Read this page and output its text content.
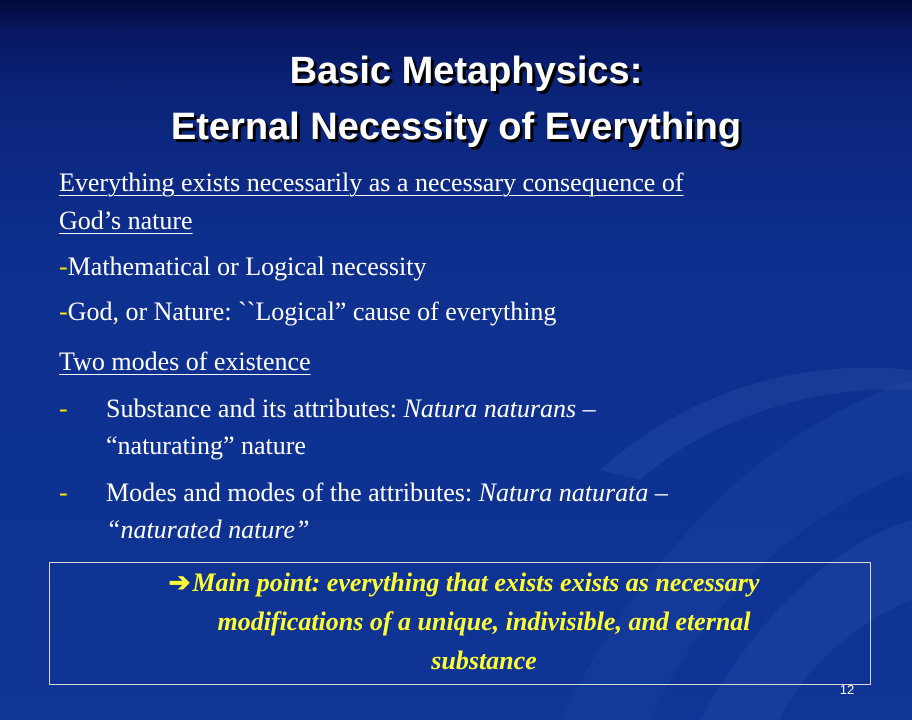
Basic Metaphysics:
Eternal Necessity of Everything
Everything exists necessarily as a necessary consequence of
God’s nature
-Mathematical or Logical necessity
-God, or Nature: ``Logical” cause of everything
Two modes of existence
- Substance and its attributes: Natura naturans –
“naturating” nature
- Modes and modes of the attributes: Natura naturata –
“naturated nature”
➔Main point: everything that exists exists as necessary
modifications of a unique, indivisible, and eternal
substance
12
